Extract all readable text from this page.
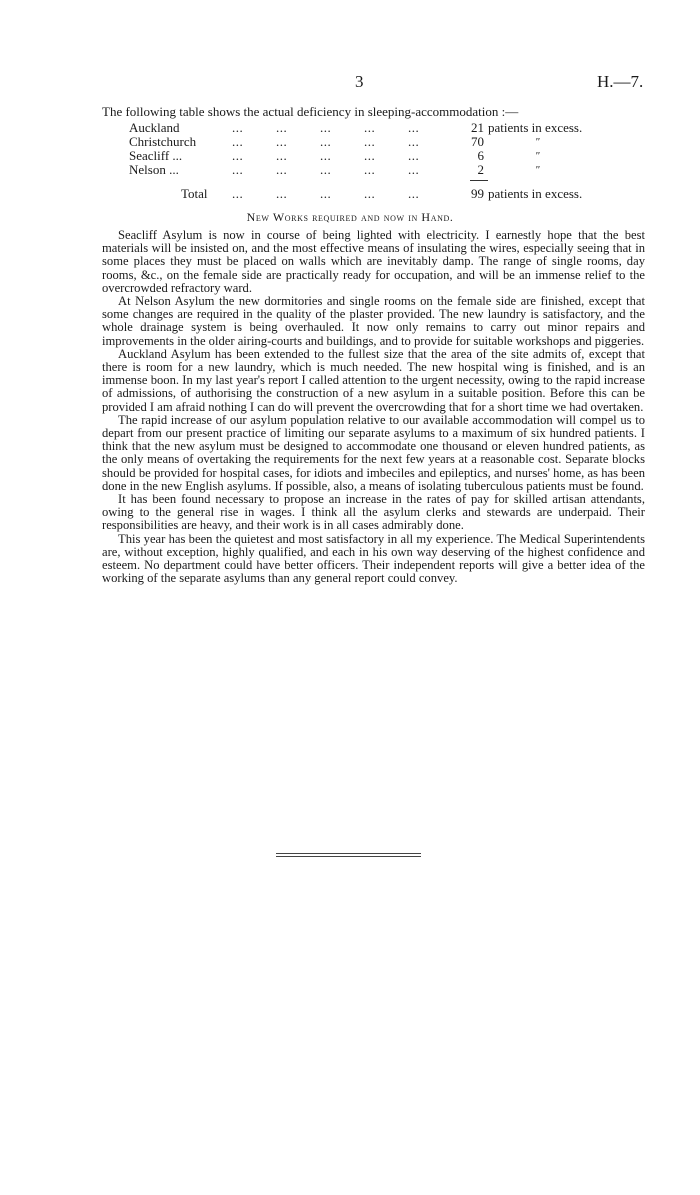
3	H.—7.
The following table shows the actual deficiency in sleeping-accommodation :—
Auckland	... ... ... ... ...	21 patients in excess.
Christchurch	... ... ... ... ...	70	"
Seacliff ...	... ... ... ... ...	6	"
Nelson ...	... ... ... ... ...	2	"
Total ... ... ... ... ...	99 patients in excess.
New Works required and now in Hand.

Seacliff Asylum is now in course of being lighted with electricity. I earnestly hope that the best materials will be insisted on, and the most effective means of insulating the wires, especially seeing that in some places they must be placed on walls which are inevitably damp. The range of single rooms, day rooms, &c., on the female side are practically ready for occupation, and will be an immense relief to the overcrowded refractory ward.

At Nelson Asylum the new dormitories and single rooms on the female side are finished, except that some changes are required in the quality of the plaster provided. The new laundry is satisfactory, and the whole drainage system is being overhauled. It now only remains to carry out minor repairs and improvements in the older airing-courts and buildings, and to provide for suitable workshops and piggeries.

Auckland Asylum has been extended to the fullest size that the area of the site admits of, except that there is room for a new laundry, which is much needed. The new hospital wing is finished, and is an immense boon. In my last year's report I called attention to the urgent necessity, owing to the rapid increase of admissions, of authorising the construction of a new asylum in a suitable position. Before this can be provided I am afraid nothing I can do will prevent the overcrowding that for a short time we had overtaken.

The rapid increase of our asylum population relative to our available accommodation will compel us to depart from our present practice of limiting our separate asylums to a maximum of six hundred patients. I think that the new asylum must be designed to accommodate one thousand or eleven hundred patients, as the only means of overtaking the requirements for the next few years at a reasonable cost. Separate blocks should be provided for hospital cases, for idiots and imbeciles and epileptics, and nurses' home, as has been done in the new English asylums. If possible, also, a means of isolating tuberculous patients must be found.

It has been found necessary to propose an increase in the rates of pay for skilled artisan attendants, owing to the general rise in wages. I think all the asylum clerks and stewards are underpaid. Their responsibilities are heavy, and their work is in all cases admirably done.

This year has been the quietest and most satisfactory in all my experience. The Medical Superintendents are, without exception, highly qualified, and each in his own way deserving of the highest confidence and esteem. No department could have better officers. Their independent reports will give a better idea of the working of the separate asylums than any general report could convey.
